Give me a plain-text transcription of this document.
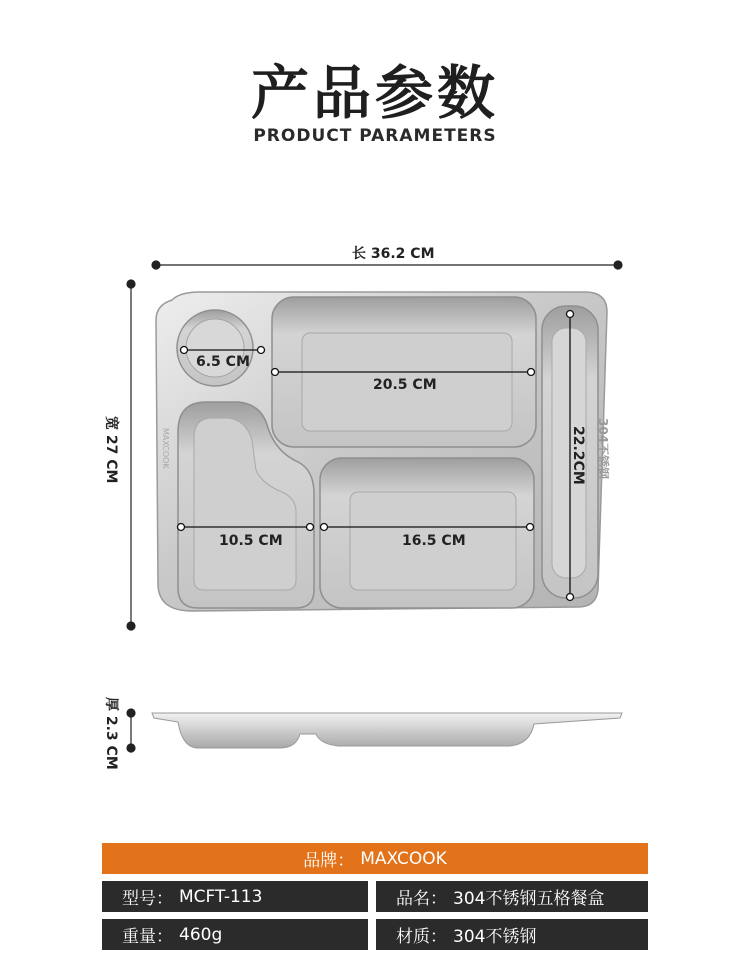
产品参数
PRODUCT PARAMETERS
长 36.2 CM
宽 27 CM
厚 2.3 CM
6.5 CM
20.5 CM
10.5 CM	16.5 CM
22.2CM 304不锈钢
MAXCOOK
品牌： MAXCOOK
型号： MCFT-113	品名： 304不锈钢五格餐盒
重量： 460g	材质： 304不锈钢
